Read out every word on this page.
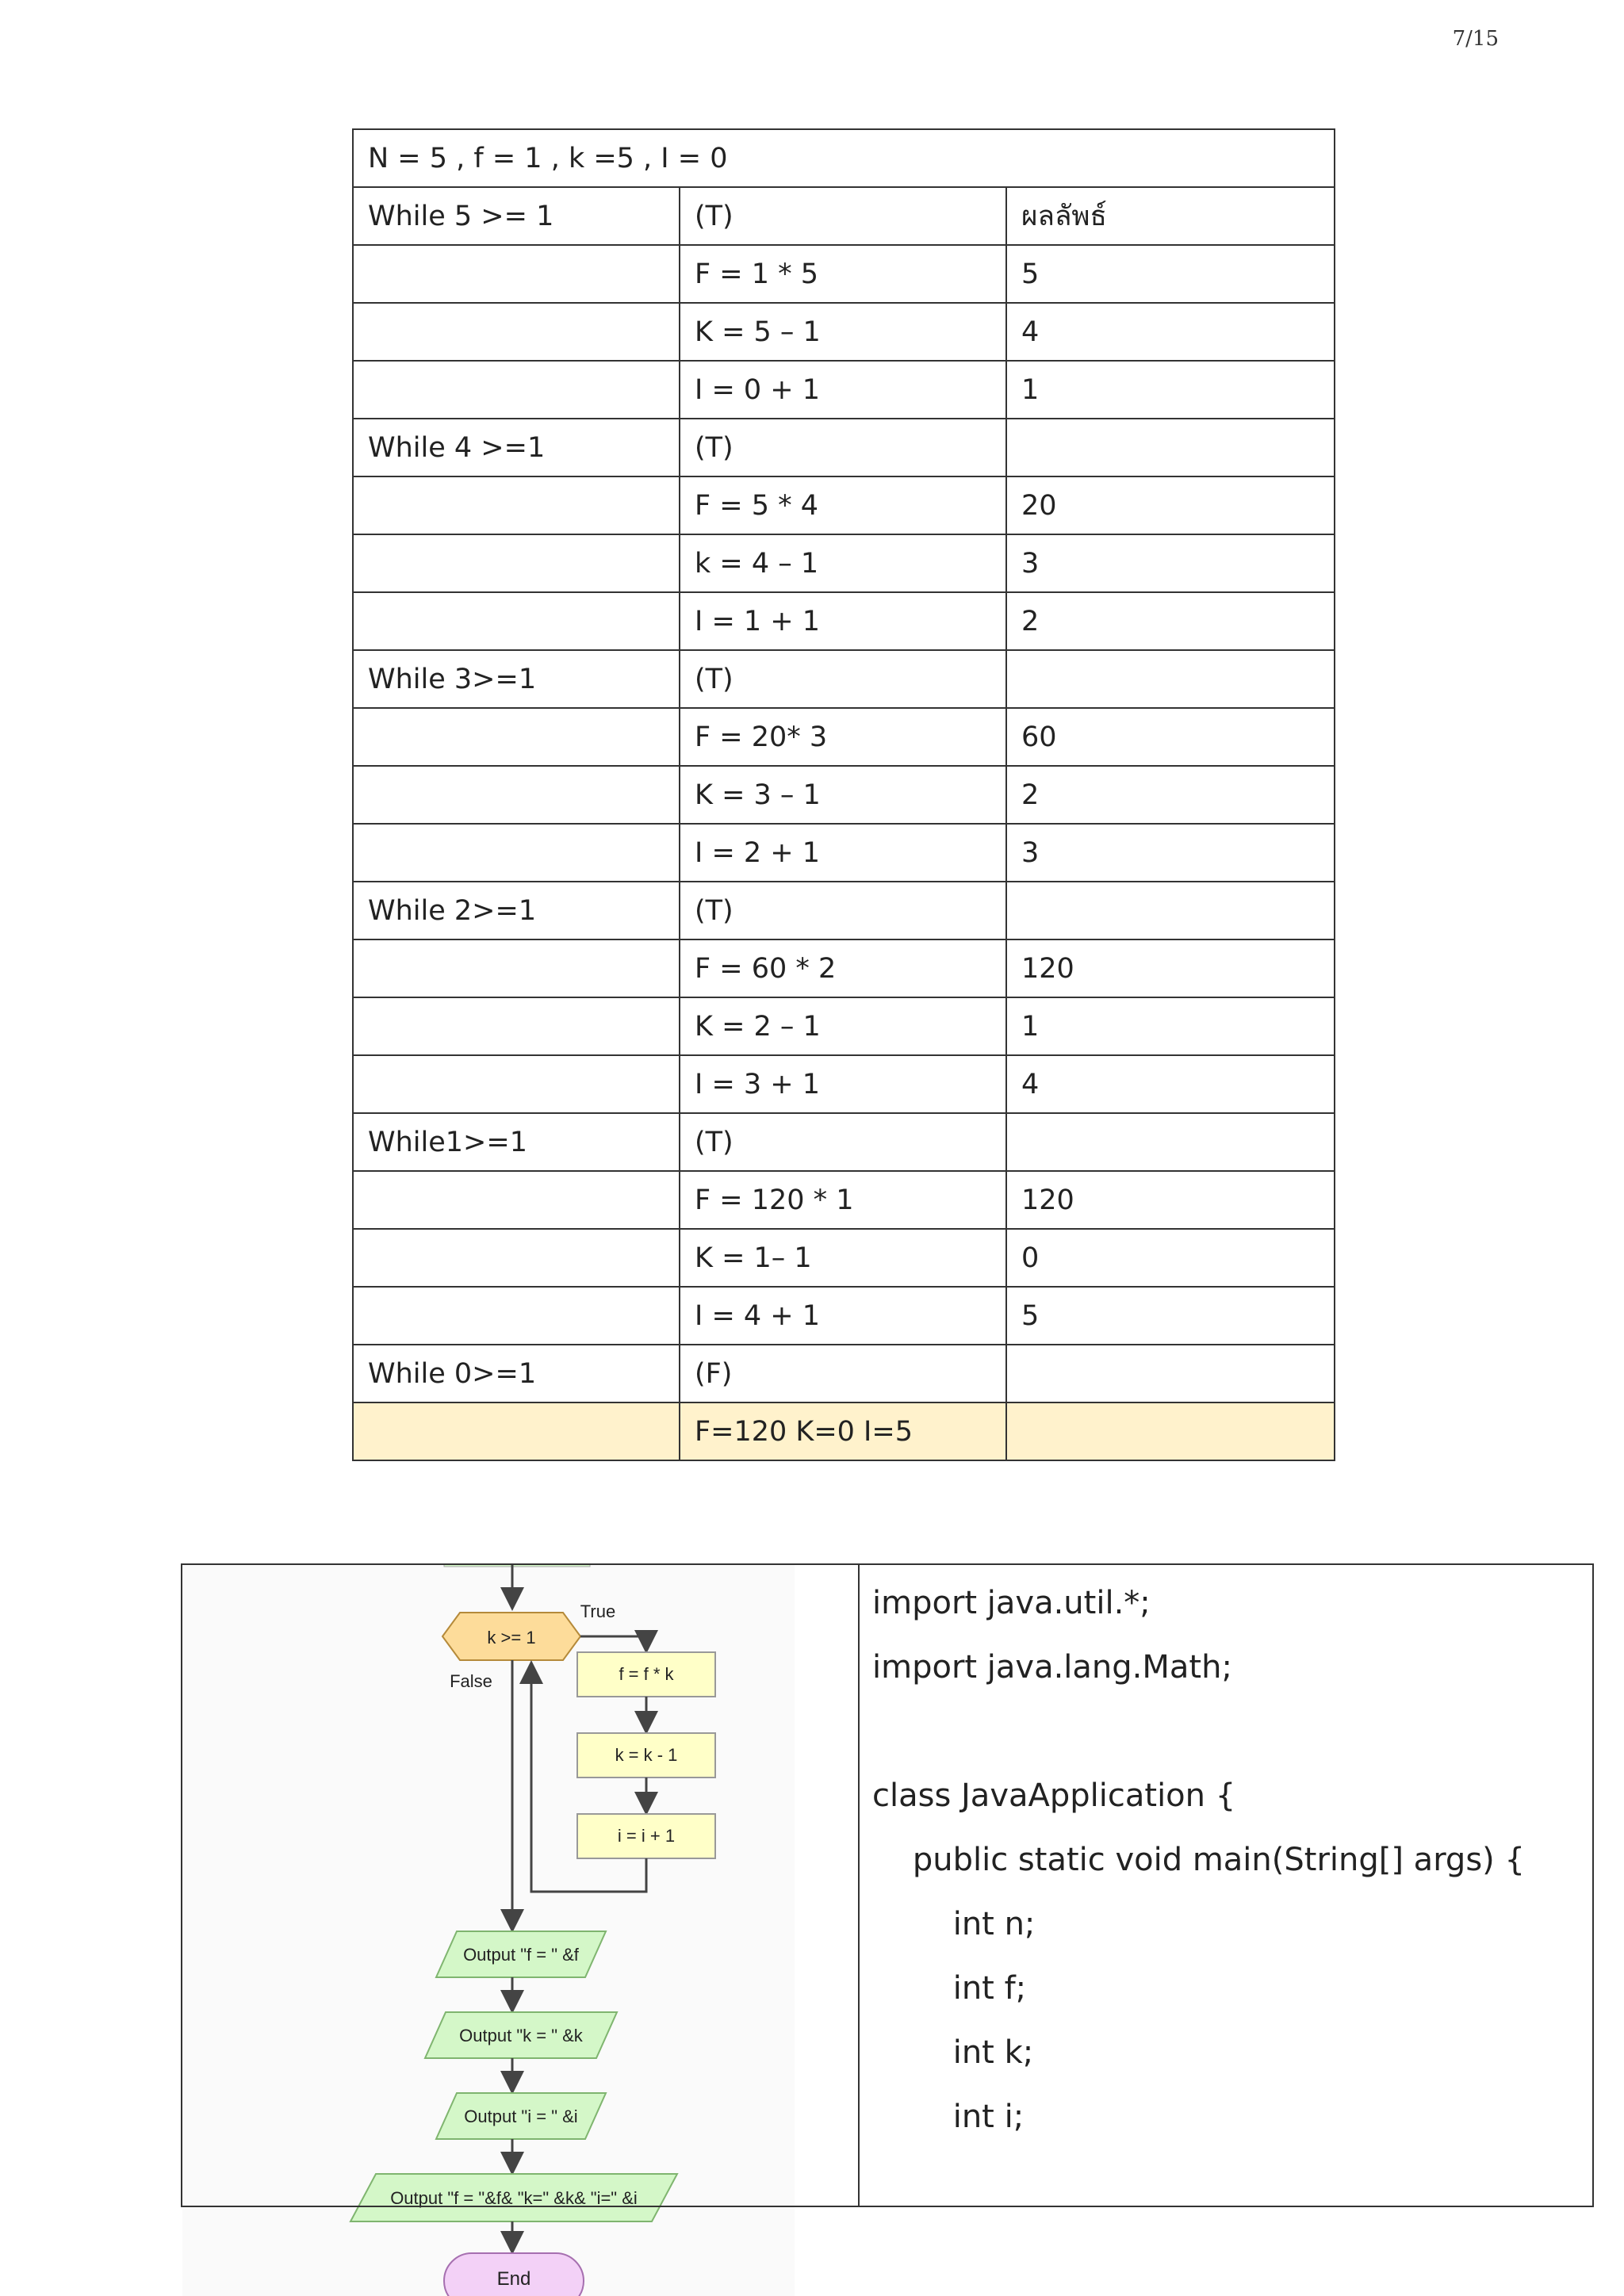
7/15
N = 5 , f = 1 , k =5 , I = 0		
While 5 >= 1	(T)	ผลลัพธ์
	F = 1 * 5	5
	K = 5 – 1	4
	I = 0 + 1	1
While 4 >=1	(T)	
	F = 5 * 4	20
	k = 4 – 1	3
	I = 1 + 1	2
While 3>=1	(T)	
	F = 20* 3	60
	K = 3 – 1	2
	I = 2 + 1	3
While 2>=1	(T)	
	F = 60 * 2	120
	K = 2 – 1	1
	I = 3 + 1	4
While1>=1	(T)	
	F = 120 * 1	120
	K = 1– 1	0
	I = 4 + 1	5
While 0>=1	(F)	
	F=120 K=0 I=5	
k >= 1
True
False	f = f * k
k = k - 1
i = i + 1
Output "f = " &f
Output "k = " &k
Output "i = " &i
Output "f = "&f& "k=" &k& "i=" &i
End
import java.util.*;
import java.lang.Math;
class JavaApplication {
public static void main(String[] args) {
int n;
int f;
int k;
int i;
